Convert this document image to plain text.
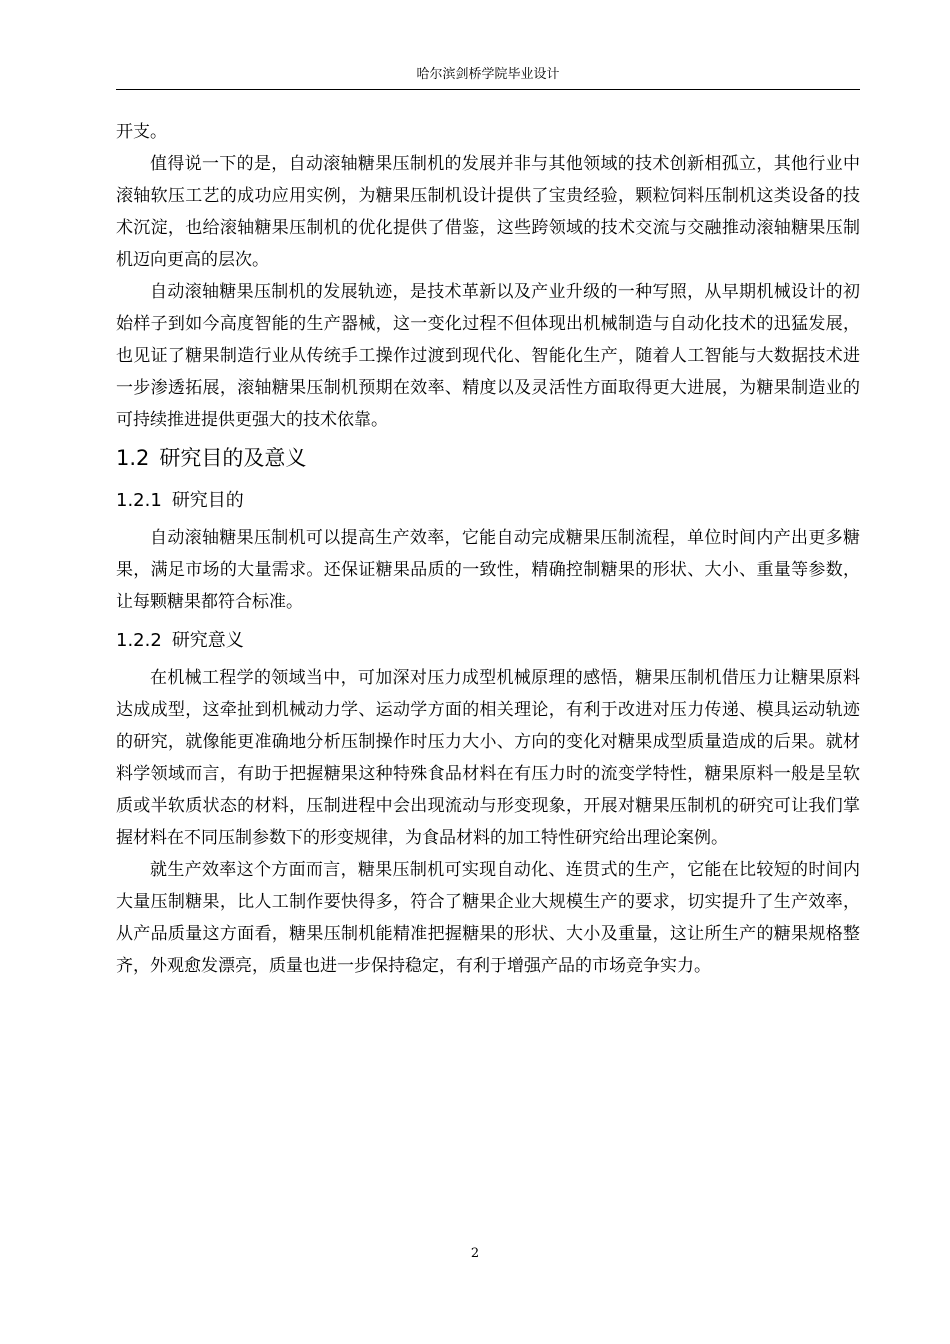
哈尔滨剑桥学院毕业设计

开支。

值得说一下的是，自动滚轴糖果压制机的发展并非与其他领域的技术创新相孤立，其他行业中滚轴软压工艺的成功应用实例，为糖果压制机设计提供了宝贵经验，颗粒饲料压制机这类设备的技术沉淀，也给滚轴糖果压制机的优化提供了借鉴，这些跨领域的技术交流与交融推动滚轴糖果压制机迈向更高的层次。

自动滚轴糖果压制机的发展轨迹，是技术革新以及产业升级的一种写照，从早期机械设计的初始样子到如今高度智能的生产器械，这一变化过程不但体现出机械制造与自动化技术的迅猛发展，也见证了糖果制造行业从传统手工操作过渡到现代化、智能化生产，随着人工智能与大数据技术进一步渗透拓展，滚轴糖果压制机预期在效率、精度以及灵活性方面取得更大进展，为糖果制造业的可持续推进提供更强大的技术依靠。

1.2 研究目的及意义
1.2.1 研究目的

自动滚轴糖果压制机可以提高生产效率，它能自动完成糖果压制流程，单位时间内产出更多糖果，满足市场的大量需求。还保证糖果品质的一致性，精确控制糖果的形状、大小、重量等参数，让每颗糖果都符合标准。

1.2.2 研究意义

在机械工程学的领域当中，可加深对压力成型机械原理的感悟，糖果压制机借压力让糖果原料达成成型，这牵扯到机械动力学、运动学方面的相关理论，有利于改进对压力传递、模具运动轨迹的研究，就像能更准确地分析压制操作时压力大小、方向的变化对糖果成型质量造成的后果。就材料学领域而言，有助于把握糖果这种特殊食品材料在有压力时的流变学特性，糖果原料一般是呈软质或半软质状态的材料，压制进程中会出现流动与形变现象，开展对糖果压制机的研究可让我们掌握材料在不同压制参数下的形变规律，为食品材料的加工特性研究给出理论案例。

就生产效率这个方面而言，糖果压制机可实现自动化、连贯式的生产，它能在比较短的时间内大量压制糖果，比人工制作要快得多，符合了糖果企业大规模生产的要求，切实提升了生产效率，从产品质量这方面看，糖果压制机能精准把握糖果的形状、大小及重量，这让所生产的糖果规格整齐，外观愈发漂亮，质量也进一步保持稳定，有利于增强产品的市场竞争实力。

2
